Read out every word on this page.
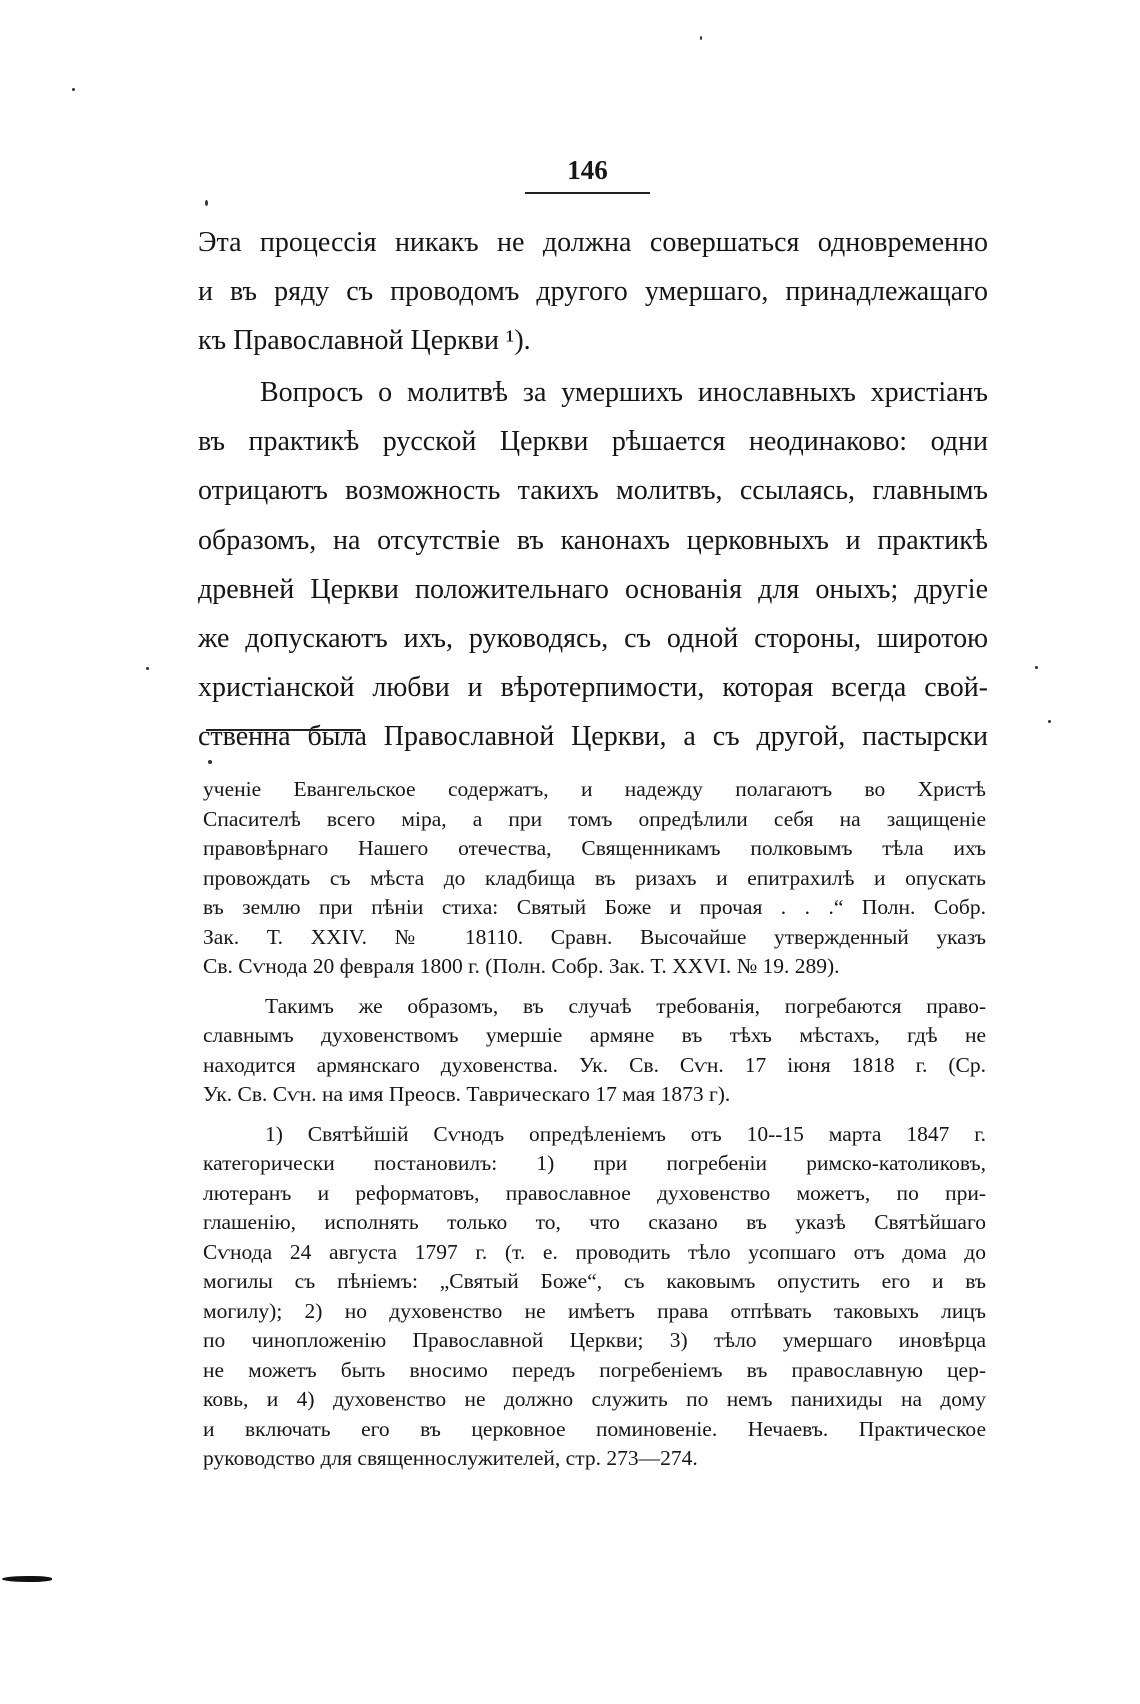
146
Эта процессія никакъ не должна совершаться одновременно
и въ ряду съ проводомъ другого умершаго, принадлежащаго
къ Православной Церкви ¹).
Вопросъ о молитвѣ за умершихъ инославныхъ христіанъ
въ практикѣ русской Церкви рѣшается неодинаково: одни
отрицаютъ возможность такихъ молитвъ, ссылаясь, главнымъ
образомъ, на отсутствіе въ канонахъ церковныхъ и практикѣ
древней Церкви положительнаго основанія для оныхъ; другіе
же допускаютъ ихъ, руководясь, съ одной стороны, широтою
христіанской любви и вѣротерпимости, которая всегда свой-
ственна была Православной Церкви, а съ другой, пастырски
ученіе Евангельское содержатъ, и надежду полагаютъ во Христѣ
Спасителѣ всего міра, а при томъ опредѣлили себя на защищеніе
правовѣрнаго Нашего отечества, Священникамъ полковымъ тѣла ихъ
провождать съ мѣста до кладбища въ ризахъ и епитрахилѣ и опускать
въ землю при пѣніи стиха: Святый Боже и прочая . . .“ Полн. Собр.
Зак. Т. XXIV. № 18110. Сравн. Высочайше утвержденный указъ
Св. Сѵнода 20 февраля 1800 г. (Полн. Собр. Зак. Т. XXVI. № 19. 289).
Такимъ же образомъ, въ случаѣ требованія, погребаются право-
славнымъ духовенствомъ умершіе армяне въ тѣхъ мѣстахъ, гдѣ не
находится армянскаго духовенства. Ук. Св. Сѵн. 17 іюня 1818 г. (Ср.
Ук. Св. Сѵн. на имя Преосв. Таврическаго 17 мая 1873 г).
1) Святѣйшій Сѵнодъ опредѣленіемъ отъ 10--15 марта 1847 г.
категорически постановилъ: 1) при погребеніи римско-католиковъ,
лютеранъ и реформатовъ, православное духовенство можетъ, по при-
глашенію, исполнять только то, что сказано въ указѣ Святѣйшаго
Сѵнода 24 августа 1797 г. (т. е. проводить тѣло усопшаго отъ дома до
могилы съ пѣніемъ: „Святый Боже“, съ каковымъ опустить его и въ
могилу); 2) но духовенство не имѣетъ права отпѣвать таковыхъ лицъ
по чинопложенію Православной Церкви; 3) тѣло умершаго иновѣрца
не можетъ быть вносимо передъ погребеніемъ въ православную цер-
ковь, и 4) духовенство не должно служить по немъ панихиды на дому
и включать его въ церковное поминовеніе. Нечаевъ. Практическое
руководство для священнослужителей, стр. 273—274.
